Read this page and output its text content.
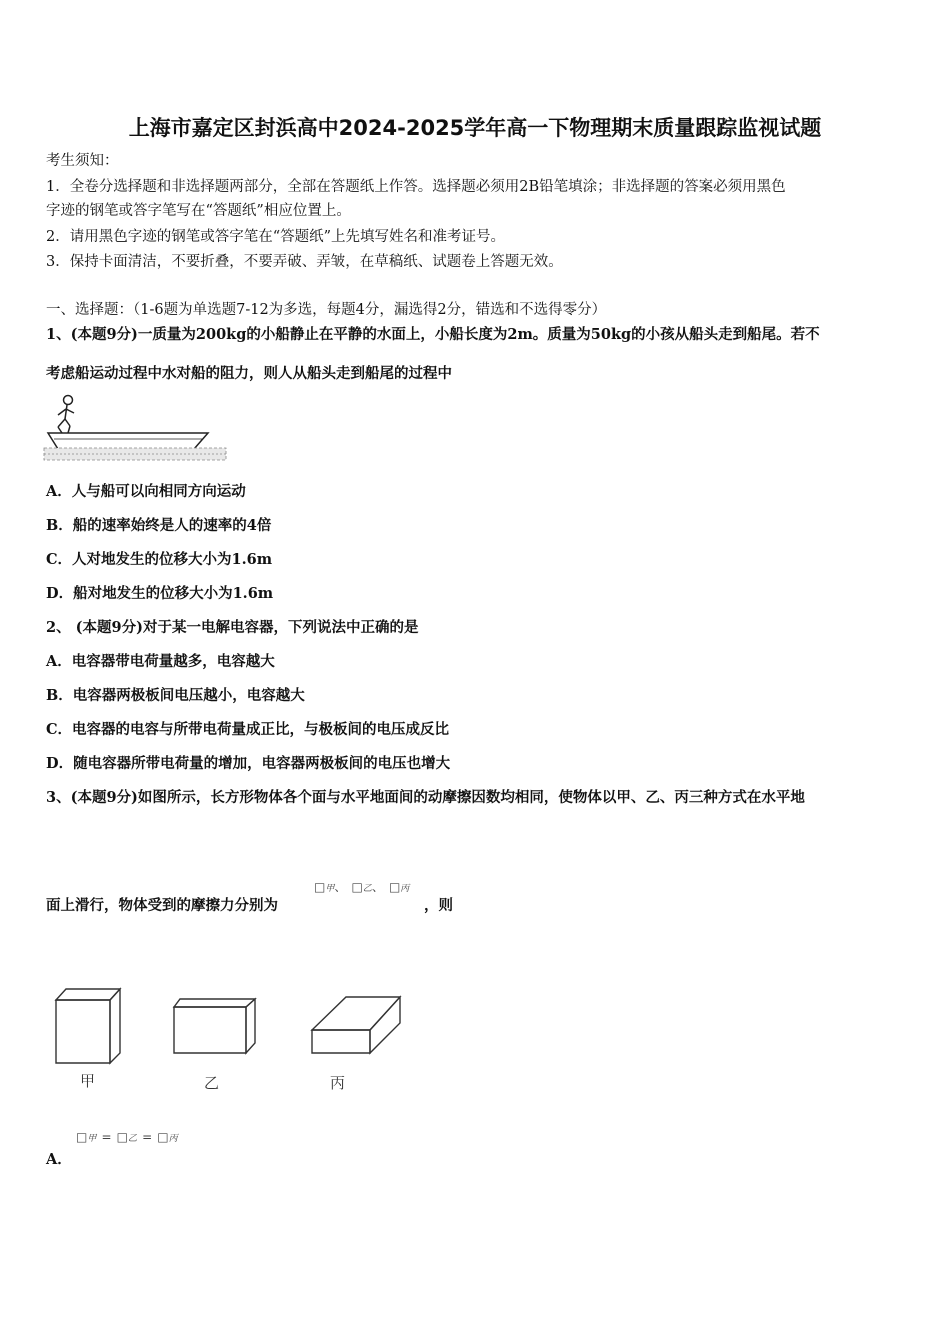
上海市嘉定区封浜高中2024-2025学年高一下物理期末质量跟踪监视试题
考生须知：
1．全卷分选择题和非选择题两部分，全部在答题纸上作答。选择题必须用2B铅笔填涂；非选择题的答案必须用黑色
字迹的钢笔或答字笔写在“答题纸”相应位置上。
2．请用黑色字迹的钢笔或答字笔在“答题纸”上先填写姓名和准考证号。
3．保持卡面清洁，不要折叠，不要弄破、弄皱，在草稿纸、试题卷上答题无效。
一、选择题：（1-6题为单选题7-12为多选，每题4分，漏选得2分，错选和不选得零分）
1、(本题9分)一质量为200kg的小船静止在平静的水面上，小船长度为2m。质量为50kg的小孩从船头走到船尾。若不
考虑船运动过程中水对船的阻力，则人从船头走到船尾的过程中
A．人与船可以向相同方向运动
B．船的速率始终是人的速率的4倍
C．人对地发生的位移大小为1.6m
D．船对地发生的位移大小为1.6m
2、 (本题9分)对于某一电解电容器，下列说法中正确的是
A．电容器带电荷量越多，电容越大
B．电容器两极板间电压越小，电容越大
C．电容器的电容与所带电荷量成正比，与极板间的电压成反比
D．随电容器所带电荷量的增加，电容器两极板间的电压也增大
3、(本题9分)如图所示，长方形物体各个面与水平地面间的动摩擦因数均相同，使物体以甲、乙、丙三种方式在水平地
面上滑行，物体受到的摩擦力分别为
□甲、 □乙、 □丙
，则
甲	乙	丙
□甲 = □乙 = □丙
A．
